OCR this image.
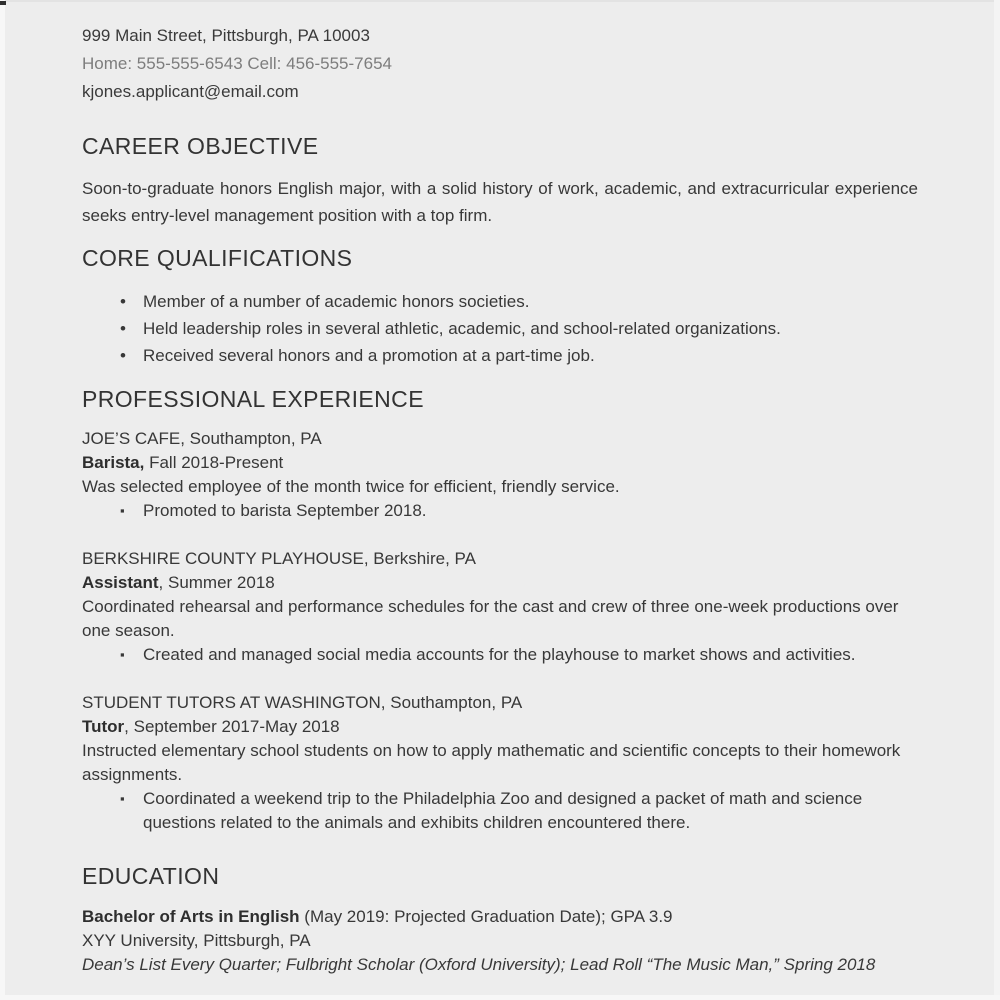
999 Main Street, Pittsburgh, PA 10003
Home: 555-555-6543 Cell: 456-555-7654
kjones.applicant@email.com
CAREER OBJECTIVE

Soon-to-graduate honors English major, with a solid history of work, academic, and extracurricular experience seeks entry-level management position with a top firm.

CORE QUALIFICATIONS
•	Member of a number of academic honors societies.
•	Held leadership roles in several athletic, academic, and school-related organizations.
•	Received several honors and a promotion at a part-time job.
PROFESSIONAL EXPERIENCE
JOE’S CAFE, Southampton, PA
Barista, Fall 2018-Present
Was selected employee of the month twice for efficient, friendly service.
▪	Promoted to barista September 2018.
BERKSHIRE COUNTY PLAYHOUSE, Berkshire, PA
Assistant, Summer 2018
Coordinated rehearsal and performance schedules for the cast and crew of three one-week productions over one season.
▪	Created and managed social media accounts for the playhouse to market shows and activities.
STUDENT TUTORS AT WASHINGTON, Southampton, PA
Tutor, September 2017-May 2018
Instructed elementary school students on how to apply mathematic and scientific concepts to their homework assignments.
▪	Coordinated a weekend trip to the Philadelphia Zoo and designed a packet of math and science questions related to the animals and exhibits children encountered there.
EDUCATION
Bachelor of Arts in English (May 2019: Projected Graduation Date); GPA 3.9
XYY University, Pittsburgh, PA
Dean’s List Every Quarter; Fulbright Scholar (Oxford University); Lead Roll “The Music Man,” Spring 2018
